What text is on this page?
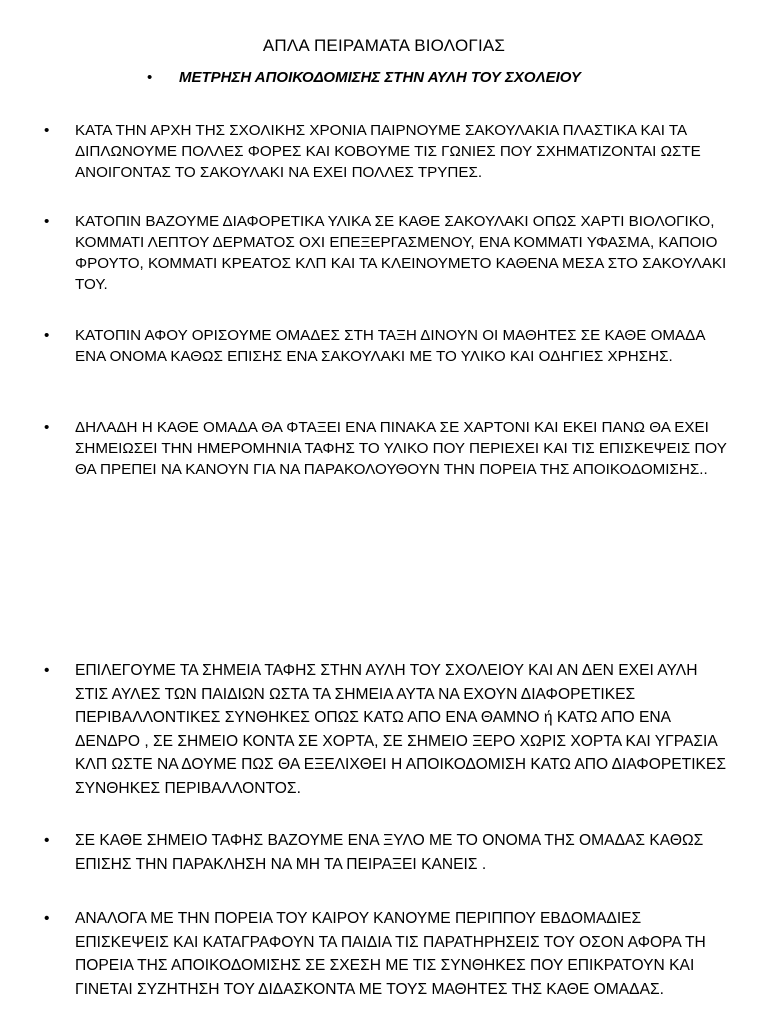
ΑΠΛΑ ΠΕΙΡΑΜΑΤΑ ΒΙΟΛΟΓΙΑΣ
• ΜΕΤΡΗΣΗ ΑΠΟΙΚΟΔΟΜΙΣΗΣ ΣΤΗΝ ΑΥΛΗ ΤΟΥ ΣΧΟΛΕΙΟΥ
• ΚΑΤΑ ΤΗΝ ΑΡΧΗ ΤΗΣ ΣΧΟΛΙΚΗΣ ΧΡΟΝΙΑ ΠΑΙΡΝΟΥΜΕ ΣΑΚΟΥΛΑΚΙΑ ΠΛΑΣΤΙΚΑ ΚΑΙ ΤΑ ΔΙΠΛΩΝΟΥΜΕ ΠΟΛΛΕΣ ΦΟΡΕΣ ΚΑΙ ΚΟΒΟΥΜΕ ΤΙΣ ΓΩΝΙΕΣ ΠΟΥ ΣΧΗΜΑΤΙΖΟΝΤΑΙ ΩΣΤΕ ΑΝΟΙΓΟΝΤΑΣ ΤΟ ΣΑΚΟΥΛΑΚΙ ΝΑ ΕΧΕΙ ΠΟΛΛΕΣ ΤΡΥΠΕΣ.
• ΚΑΤΟΠΙΝ ΒΑΖΟΥΜΕ ΔΙΑΦΟΡΕΤΙΚΑ ΥΛΙΚΑ ΣΕ ΚΑΘΕ ΣΑΚΟΥΛΑΚΙ ΟΠΩΣ ΧΑΡΤΙ ΒΙΟΛΟΓΙΚΟ, ΚΟΜΜΑΤΙ ΛΕΠΤΟΥ ΔΕΡΜΑΤΟΣ ΟΧΙ ΕΠΕΞΕΡΓΑΣΜΕΝΟΥ, ΕΝΑ ΚΟΜΜΑΤΙ ΥΦΑΣΜΑ, ΚΑΠΟΙΟ ΦΡΟΥΤΟ, ΚΟΜΜΑΤΙ ΚΡΕΑΤΟΣ ΚΛΠ ΚΑΙ ΤΑ ΚΛΕΙΝΟΥΜΕΤΟ ΚΑΘΕΝΑ ΜΕΣΑ ΣΤΟ ΣΑΚΟΥΛΑΚΙ ΤΟΥ.
• ΚΑΤΟΠΙΝ ΑΦΟΥ ΟΡΙΣΟΥΜΕ ΟΜΑΔΕΣ ΣΤΗ ΤΑΞΗ ΔΙΝΟΥΝ ΟΙ ΜΑΘΗΤΕΣ ΣΕ ΚΑΘΕ ΟΜΑΔΑ ΕΝΑ ΟΝΟΜΑ ΚΑΘΩΣ ΕΠΙΣΗΣ ΕΝΑ ΣΑΚΟΥΛΑΚΙ ΜΕ ΤΟ ΥΛΙΚΟ ΚΑΙ ΟΔΗΓΙΕΣ ΧΡΗΣΗΣ.
• ΔΗΛΑΔΗ Η ΚΑΘΕ ΟΜΑΔΑ ΘΑ ΦΤΑΞΕΙ ΕΝΑ ΠΙΝΑΚΑ ΣΕ ΧΑΡΤΟΝΙ ΚΑΙ ΕΚΕΙ ΠΑΝΩ ΘΑ ΕΧΕΙ ΣΗΜΕΙΩΣΕΙ ΤΗΝ ΗΜΕΡΟΜΗΝΙΑ ΤΑΦΗΣ ΤΟ ΥΛΙΚΟ ΠΟΥ ΠΕΡΙΕΧΕΙ ΚΑΙ ΤΙΣ ΕΠΙΣΚΕΨΕΙΣ ΠΟΥ ΘΑ ΠΡΕΠΕΙ ΝΑ ΚΑΝΟΥΝ ΓΙΑ ΝΑ ΠΑΡΑΚΟΛΟΥΘΟΥΝ ΤΗΝ ΠΟΡΕΙΑ ΤΗΣ ΑΠΟΙΚΟΔΟΜΙΣΗΣ..
• ΕΠΙΛΕΓΟΥΜΕ ΤΑ ΣΗΜΕΙΑ ΤΑΦΗΣ ΣΤΗΝ ΑΥΛΗ ΤΟΥ ΣΧΟΛΕΙΟΥ ΚΑΙ ΑΝ ΔΕΝ ΕΧΕΙ ΑΥΛΗ ΣΤΙΣ ΑΥΛΕΣ ΤΩΝ ΠΑΙΔΙΩΝ ΩΣΤΑ ΤΑ ΣΗΜΕΙΑ ΑΥΤΑ ΝΑ ΕΧΟΥΝ ΔΙΑΦΟΡΕΤΙΚΕΣ ΠΕΡΙΒΑΛΛΟΝΤΙΚΕΣ ΣΥΝΘΗΚΕΣ ΟΠΩΣ ΚΑΤΩ ΑΠΟ ΕΝΑ ΘΑΜΝΟ ή ΚΑΤΩ ΑΠΟ ΕΝΑ ΔΕΝΔΡΟ , ΣΕ ΣΗΜΕΙΟ ΚΟΝΤΑ ΣΕ ΧΟΡΤΑ, ΣΕ ΣΗΜΕΙΟ ΞΕΡΟ ΧΩΡΙΣ ΧΟΡΤΑ ΚΑΙ ΥΓΡΑΣΙΑ ΚΛΠ ΩΣΤΕ ΝΑ ΔΟΥΜΕ ΠΩΣ ΘΑ ΕΞΕΛΙΧΘΕΙ Η ΑΠΟΙΚΟΔΟΜΙΣΗ ΚΑΤΩ ΑΠΟ ΔΙΑΦΟΡΕΤΙΚΕΣ ΣΥΝΘΗΚΕΣ ΠΕΡΙΒΑΛΛΟΝΤΟΣ.
• ΣΕ ΚΑΘΕ ΣΗΜΕΙΟ ΤΑΦΗΣ ΒΑΖΟΥΜΕ ΕΝΑ ΞΥΛΟ ΜΕ ΤΟ ΟΝΟΜΑ ΤΗΣ ΟΜΑΔΑΣ ΚΑΘΩΣ ΕΠΙΣΗΣ ΤΗΝ ΠΑΡΑΚΛΗΣΗ ΝΑ ΜΗ ΤΑ ΠΕΙΡΑΞΕΙ ΚΑΝΕΙΣ .
• ΑΝΑΛΟΓΑ ΜΕ ΤΗΝ ΠΟΡΕΙΑ ΤΟΥ ΚΑΙΡΟΥ ΚΑΝΟΥΜΕ ΠΕΡΙΠΠΟΥ ΕΒΔΟΜΑΔΙΕΣ ΕΠΙΣΚΕΨΕΙΣ ΚΑΙ ΚΑΤΑΓΡΑΦΟΥΝ ΤΑ ΠΑΙΔΙΑ ΤΙΣ ΠΑΡΑΤΗΡΗΣΕΙΣ ΤΟΥ ΟΣΟΝ ΑΦΟΡΑ ΤΗ ΠΟΡΕΙΑ ΤΗΣ ΑΠΟΙΚΟΔΟΜΙΣΗΣ ΣΕ ΣΧΕΣΗ ΜΕ ΤΙΣ ΣΥΝΘΗΚΕΣ ΠΟΥ ΕΠΙΚΡΑΤΟΥΝ ΚΑΙ ΓΙΝΕΤΑΙ ΣΥΖΗΤΗΣΗ ΤΟΥ ΔΙΔΑΣΚΟΝΤΑ ΜΕ ΤΟΥΣ ΜΑΘΗΤΕΣ ΤΗΣ ΚΑΘΕ ΟΜΑΔΑΣ.
